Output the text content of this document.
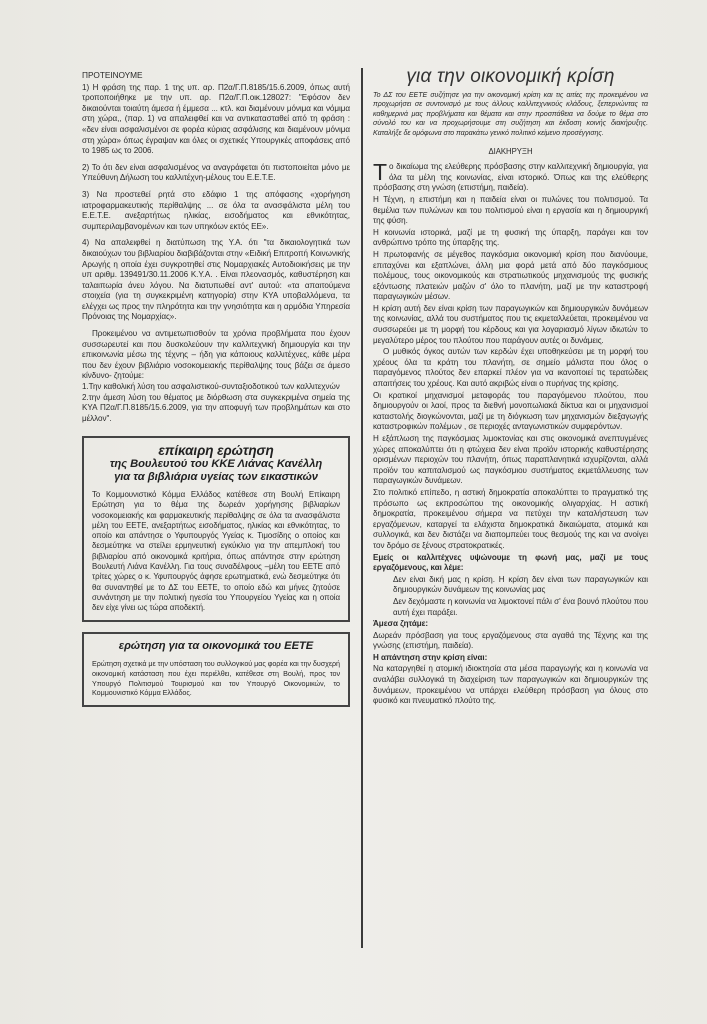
ΠΡΟΤΕΙΝΟΥΜΕ

1) Η φράση της παρ. 1 της υπ. αρ. Π2α/Γ.Π.8185/15.6.2009, όπως αυτή τροποποιήθηκε με την υπ. αρ. Π2α/Γ.Π.οικ.128027: "Εφόσον δεν δικαιούνται τοιαύτη άμεσα ή έμμεσα ... κτλ. και διαμένουν μόνιμα και νόμιμα στη χώρα,, (παρ. 1) να απαλειφθεί και να αντικατασταθεί από τη φράση : «δεν είναι ασφαλισμένοι σε φορέα κύριας ασφάλισης και διαμένουν μόνιμα στη χώρα» όπως έγραψαν και όλες οι σχετικές Υπουργικές αποφάσεις από το 1985 ως το 2006.

2) Το ότι δεν είναι ασφαλισμένος να αναγράφεται ότι πιστοποιείται μόνο με Υπεύθυνη Δήλωση του καλλιτέχνη-μέλους του Ε.Ε.Τ.Ε.

3) Να προστεθεί ρητά στο εδάφιο 1 της απόφασης «χορήγηση ιατροφαρμακευτικής περίθαλψης ... σε όλα τα ανασφάλιστα μέλη του Ε.Ε.Τ.Ε. ανεξαρτήτως ηλικίας, εισοδήματος και εθνικότητας, συμπεριλαμβανομένων και των υπηκόων εκτός ΕΕ».

4) Να απαλειφθεί η διατύπωση της Υ.Α. ότι "τα δικαιολογητικά των δικαιούχων του βιβλιαρίου διαβιβάζονται στην «Ειδική Επιτροπή Κοινωνικής Αρωγής η οποία έχει συγκροτηθεί στις Νομαρχιακές Αυτοδιοικήσεις με την υπ αριθμ. 139491/30.11.2006 Κ.Υ.Α. . Είναι πλεονασμός, καθυστέρηση και ταλαιπωρία άνευ λόγου. Να διατυπωθεί αντ' αυτού: «τα απαιτούμενα στοιχεία (για τη συγκεκριμένη κατηγορία) στην ΚΥΑ υποβαλλόμενα, τα ελέγχει ως προς την πληρότητα και την γνησιότητα και η αρμόδια Υπηρεσία Πρόνοιας της Νομαρχίας».

Προκειμένου να αντιμετωπισθούν τα χρόνια προβλήματα που έχουν συσσωρευτεί και που δυσκολεύουν την καλλιτεχνική δημιουργία και την επικοινωνία μέσω της τέχνης – ήδη για κάποιους καλλιτέχνες, κάθε μέρα που δεν έχουν βιβλιάριο νοσοκομειακής περίθαλψης τους βάζει σε άμεσο κίνδυνο- ζητούμε:

1.Την καθολική λύση του ασφαλιστικού-συνταξιοδοτικού των καλλιτεχνών

2.την άμεση λύση του θέματος με διόρθωση στα συγκεκριμένα σημεία της ΚΥΑ Π2α/Γ.Π.8185/15.6.2009, για την αποφυγή των προβλημάτων και στο μέλλον".

επίκαιρη ερώτηση
της Βουλευτού του ΚΚΕ Λιάνας Κανέλλη
για τα βιβλιάρια υγείας των εικαστικών

Το Κομμουνιστικό Κόμμα Ελλάδος κατέθεσε στη Βουλή Επίκαιρη Ερώτηση για το θέμα της δωρεάν χορήγησης βιβλιαρίων νοσοκομειακής και φαρμακευτικής περίθαλψης σε όλα τα ανασφάλιστα μέλη του ΕΕΤΕ, ανεξαρτήτως εισοδήματος, ηλικίας και εθνικότητας, το οποίο και απάντησε ο Υφυπουργός Υγείας κ. Τιμοσίδης ο οποίος και δεσμεύτηκε να στείλει ερμηνευτική εγκύκλιο για την απεμπλοκή του βιβλιαρίου από οικονομικά κριτήρια, όπως απάντησε στην ερώτηση Βουλευτή Λιάνα Κανέλλη. Για τους συναδέλφους –μέλη του ΕΕΤΕ από τρίτες χώρες ο κ. Υφυπουργός άφησε ερωτηματικά, ενώ δεσμεύτηκε ότι θα συναντηθεί με το ΔΣ του ΕΕΤΕ, το οποίο εδώ και μήνες ζητούσε συνάντηση με την πολιτική ηγεσία του Υπουργείου Υγείας και η οποία δεν είχε γίνει ως τώρα αποδεκτή.

ερώτηση για τα οικονομικά του ΕΕΤΕ

Ερώτηση σχετικά με την υπόσταση του συλλογικού μας φορέα και την δυσχερή οικονομική κατάσταση που έχει περιέλθει, κατέθεσε στη Βουλή, προς τον Υπουργό Πολιτισμού Τουρισμού και τον Υπουργό Οικονομικών, το Κομμουνιστικό Κόμμα Ελλάδος.

για την οικονομική κρίση

Το ΔΣ του ΕΕΤΕ συζήτησε για την οικονομική κρίση και τις αιτίες της προκειμένου να προχωρήσει σε συντονισμό με τους άλλους καλλιτεχνικούς κλάδους, ξεπερνώντας τα καθημερινά μας προβλήματα και θέματα και στην προσπάθεια να δούμε το θέμα στο σύνολό του και να προχωρήσουμε στη συζήτηση και έκδοση κοινής διακήρυξης. Καταλήξε δε ομόφωνα στο παρακάτω γενικό πολιτικό κείμενο προσέγγισης.

ΔΙΑΚΗΡΥΞΗ

Το δικαίωμα της ελεύθερης πρόσβασης στην καλλιτεχνική δημιουργία, για όλα τα μέλη της κοινωνίας, είναι ιστορικό. Όπως και της ελεύθερης πρόσβασης στη γνώση (επιστήμη, παιδεία).

Η Τέχνη, η επιστήμη και η παιδεία είναι οι πυλώνες του πολιτισμού. Τα θεμέλια των πυλώνων και του πολιτισμού είναι η εργασία και η δημιουργική της φύση.

Η κοινωνία ιστορικά, μαζί με τη φυσική της ύπαρξη, παράγει και τον ανθρώπινο τρόπο της ύπαρξης της.

Η πρωτοφανής σε μέγεθος παγκόσμια οικονομική κρίση που διανύουμε, επιταχύνει και εξαπλώνει, άλλη μια φορά μετά από δύο παγκόσμιους πολέμους, τους οικονομικούς και στρατιωτικούς μηχανισμούς της φυσικής εξόντωσης πλατειών μαζών σ' όλο το πλανήτη, μαζί με την καταστροφή παραγωγικών μέσων.

Η κρίση αυτή δεν είναι κρίση των παραγωγικών και δημιουργικών δυνάμεων της κοινωνίας, αλλά του συστήματος που τις εκμεταλλεύεται, προκειμένου να συσσωρεύει με τη μορφή του κέρδους και για λογαριασμό λίγων ιδιωτών το μεγαλύτερο μέρος του πλούτου που παράγουν αυτές οι δυνάμεις.

Ο μυθικός όγκος αυτών των κερδών έχει υποθηκεύσει με τη μορφή του χρέους όλα τα κράτη του πλανήτη, σε σημείο μάλιστα που όλος ο παραγόμενος πλούτος δεν επαρκεί πλέον για να ικανοποιεί τις τερατώδεις απαιτήσεις του χρέους. Και αυτό ακριβώς είναι ο πυρήνας της κρίσης.

Οι κρατικοί μηχανισμοί μεταφοράς του παραγόμενου πλούτου, που δημιουργούν οι λαοί, προς τα διεθνή μονοπωλιακά δίκτυα και οι μηχανισμοί καταστολής διογκώνονται, μαζί με τη διόγκωση των μηχανισμών διεξαγωγής καταστροφικών πολέμων , σε περιοχές ανταγωνιστικών συμφερόντων.

Η εξάπλωση της παγκόσμιας λιμοκτονίας και στις οικονομικά ανεπτυγμένες χώρες αποκαλύπτει ότι η φτώχεια δεν είναι προϊόν ιστορικής καθυστέρησης ορισμένων περιοχών του πλανήτη, όπως παραπλανητικά ισχυρίζονται, αλλά προϊόν του καπιταλισμού ως παγκόσμιου συστήματος εκμετάλλευσης των παραγωγικών δυνάμεων.

Στο πολιτικό επίπεδο, η αστική δημοκρατία αποκαλύπτει το πραγματικό της πρόσωπο ως εκπροσώπου της οικονομικής ολιγαρχίας. Η αστική δημοκρατία, προκειμένου σήμερα να πετύχει την καταλήστευση των εργαζόμενων, καταργεί τα ελάχιστα δημοκρατικά δικαιώματα, ατομικά και συλλογικά, και δεν διστάζει να διαπομπεύει τους θεσμούς της και να ανοίγει τον δρόμο σε ξένους στρατοκρατικές.

Εμείς οι καλλιτέχνες υψώνουμε τη φωνή μας, μαζί με τους εργαζόμενους, και λέμε:

Δεν είναι δική μας η κρίση. Η κρίση δεν είναι των παραγωγικών και δημιουργικών δυνάμεων της κοινωνίας μας

Δεν δεχόμαστε η κοινωνία να λιμοκτονεί πάλι σ' ένα βουνό πλούτου που αυτή έχει παράξει.

Άμεσα ζητάμε:

Δωρεάν πρόσβαση για τους εργαζόμενους στα αγαθά της Τέχνης και της γνώσης (επιστήμη, παιδεία).

Η απάντηση στην κρίση είναι:

Να καταργηθεί η ατομική ιδιοκτησία στα μέσα παραγωγής και η κοινωνία να αναλάβει συλλογικά τη διαχείριση των παραγωγικών και δημιουργικών της δυνάμεων, προκειμένου να υπάρχει ελεύθερη πρόσβαση για όλους στο φυσικό και πνευματικό πλούτο της.
